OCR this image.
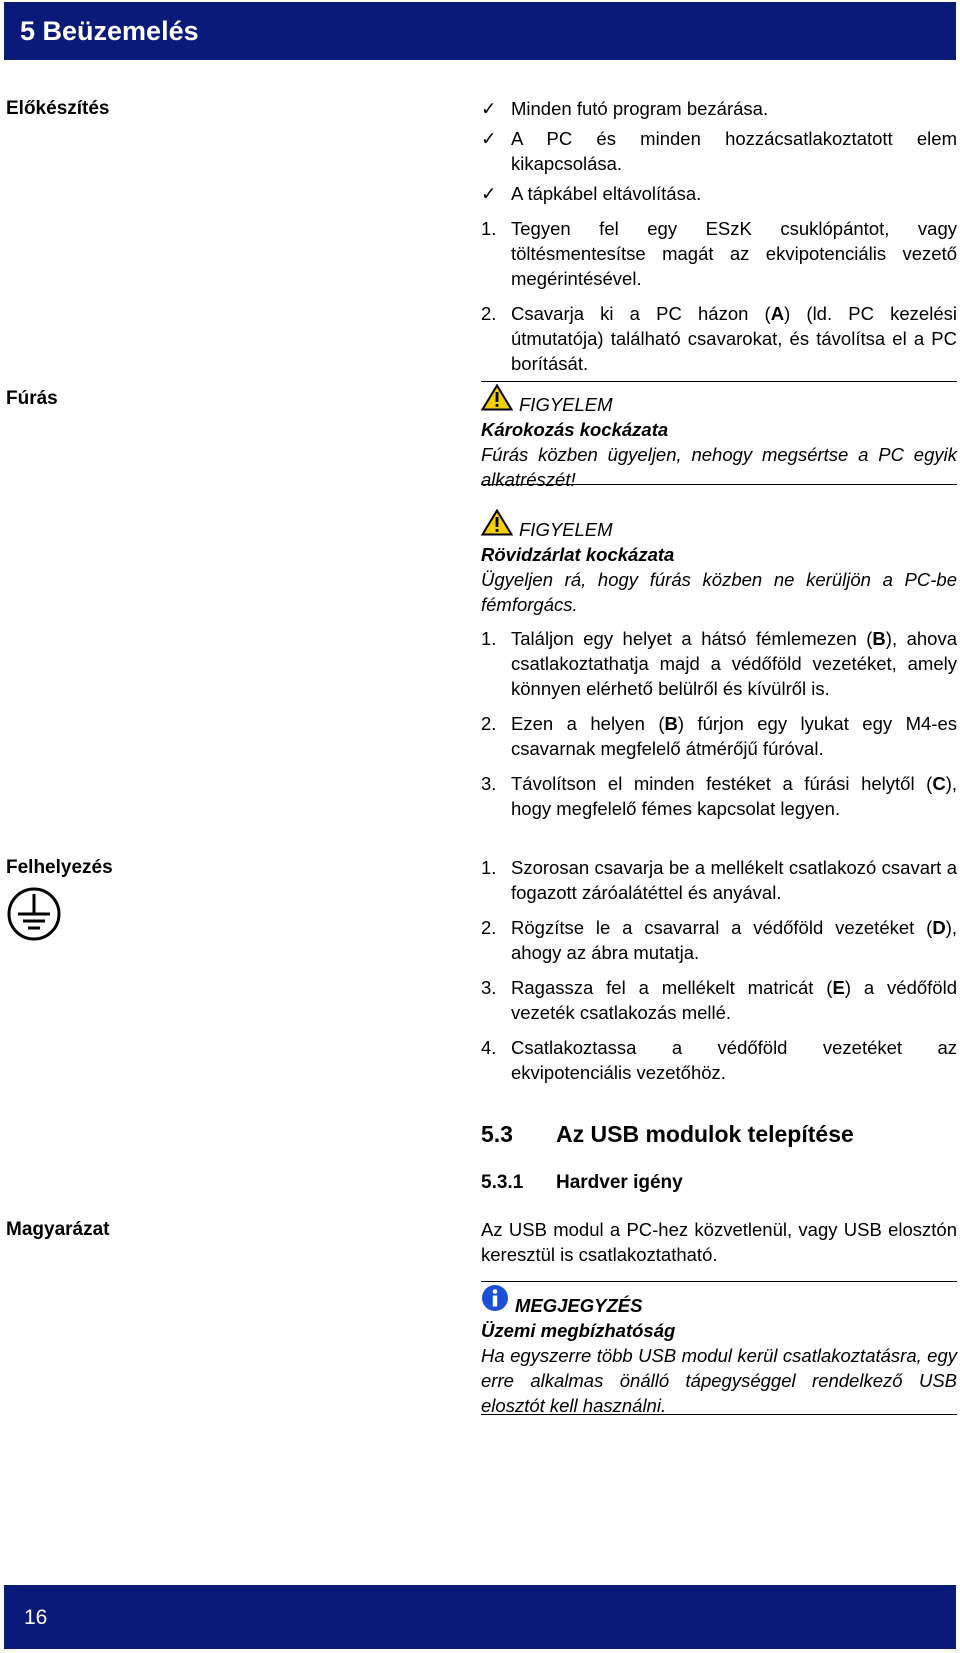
5 Beüzemelés
Előkészítés
Fúrás
Felhelyezés
Magyarázat
✓ Minden futó program bezárása.
✓ A PC és minden hozzácsatlakoztatott elem kikapcsolása.
✓ A tápkábel eltávolítása.
1. Tegyen fel egy ESzK csuklópántot, vagy töltésmentesítse magát az ekvipotenciális vezető megérintésével.
2. Csavarja ki a PC házon (A) (ld. PC kezelési útmutatója) található csavarokat, és távolítsa el a PC borítását.
FIGYELEM
Károkozás kockázata
Fúrás közben ügyeljen, nehogy megsértse a PC egyik alkatrészét!
FIGYELEM
Rövidzárlat kockázata
Ügyeljen rá, hogy fúrás közben ne kerüljön a PC-be fémforgács.
1. Találjon egy helyet a hátsó fémlemezen (B), ahova csatlakoztathatja majd a védőföld vezetéket, amely könnyen elérhető belülről és kívülről is.
2. Ezen a helyen (B) fúrjon egy lyukat egy M4-es csavarnak megfelelő átmérőjű fúróval.
3. Távolítson el minden festéket a fúrási helytől (C), hogy megfelelő fémes kapcsolat legyen.
1. Szorosan csavarja be a mellékelt csatlakozó csavart a fogazott záróalátéttel és anyával.
2. Rögzítse le a csavarral a védőföld vezetéket (D), ahogy az ábra mutatja.
3. Ragassza fel a mellékelt matricát (E) a védőföld vezeték csatlakozás mellé.
4. Csatlakoztassa a védőföld vezetéket az ekvipotenciális vezetőhöz.
5.3 Az USB modulok telepítése
5.3.1 Hardver igény
Az USB modul a PC-hez közvetlenül, vagy USB elosztón keresztül is csatlakoztatható.
MEGJEGYZÉS
Üzemi megbízhatóság
Ha egyszerre több USB modul kerül csatlakoztatásra, egy erre alkalmas önálló tápegységgel rendelkező USB elosztót kell használni.
16
